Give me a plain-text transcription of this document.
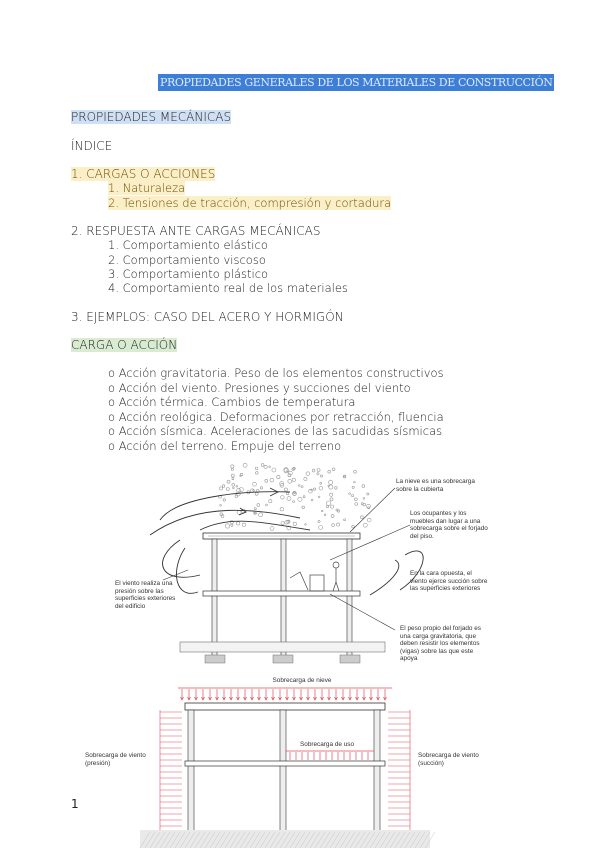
PROPIEDADES GENERALES DE LOS MATERIALES DE CONSTRUCCIÓN
PROPIEDADES MECÁNICAS
ÍNDICE
1. CARGAS O ACCIONES
1. Naturaleza
2. Tensiones de tracción, compresión y cortadura
2. RESPUESTA ANTE CARGAS MECÁNICAS
1. Comportamiento elástico
2. Comportamiento viscoso
3. Comportamiento plástico
4. Comportamiento real de los materiales
3. EJEMPLOS: CASO DEL ACERO Y HORMIGÓN
CARGA O ACCIÓN
o Acción gravitatoria. Peso de los elementos constructivos
o Acción del viento. Presiones y succiones del viento
o Acción térmica. Cambios de temperatura
o Acción reológica. Deformaciones por retracción, fluencia
o Acción sísmica. Aceleraciones de las sacudidas sísmicas
o Acción del terreno. Empuje del terreno
La nieve es una sobrecarga sobre la cubierta
Los ocupantes y los muebles dan lugar a una sobrecarga sobre el forjado del piso.
En la cara opuesta, el viento ejerce succión sobre las superficies exteriores
El viento realiza una presión sobre las superficies exteriores del edificio
El peso propio del forjado es una carga gravitatoria, que deben resistir los elementos (vigas) sobre las que este apoya
Sobrecarga de nieve
Sobrecarga de uso
Sobrecarga de viento (presión)
Sobrecarga de viento (succión)
1
